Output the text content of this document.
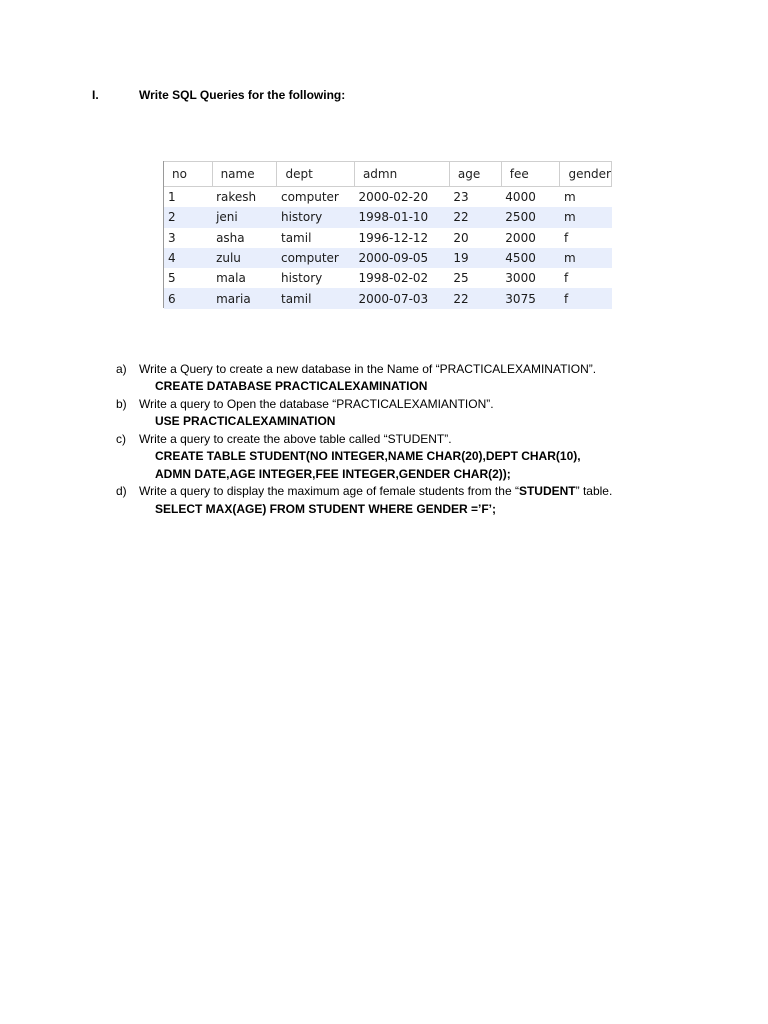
I.	Write SQL Queries for the following:
no	name	dept	admn	age	fee	gender
1	rakesh	computer	2000-02-20	23	4000	m
2	jeni	history	1998-01-10	22	2500	m
3	asha	tamil	1996-12-12	20	2000	f
4	zulu	computer	2000-09-05	19	4500	m
5	mala	history	1998-02-02	25	3000	f
6	maria	tamil	2000-07-03	22	3075	f
a) Write a Query to create a new database in the Name of “PRACTICALEXAMINATION”.
CREATE DATABASE PRACTICALEXAMINATION
b) Write a query to Open the database “PRACTICALEXAMIANTION”.
USE PRACTICALEXAMINATION
c) Write a query to create the above table called “STUDENT”.
CREATE TABLE STUDENT(NO INTEGER,NAME CHAR(20),DEPT CHAR(10),
ADMN DATE,AGE INTEGER,FEE INTEGER,GENDER CHAR(2));
d) Write a query to display the maximum age of female students from the “STUDENT” table.
SELECT MAX(AGE) FROM STUDENT WHERE GENDER =’F’;
